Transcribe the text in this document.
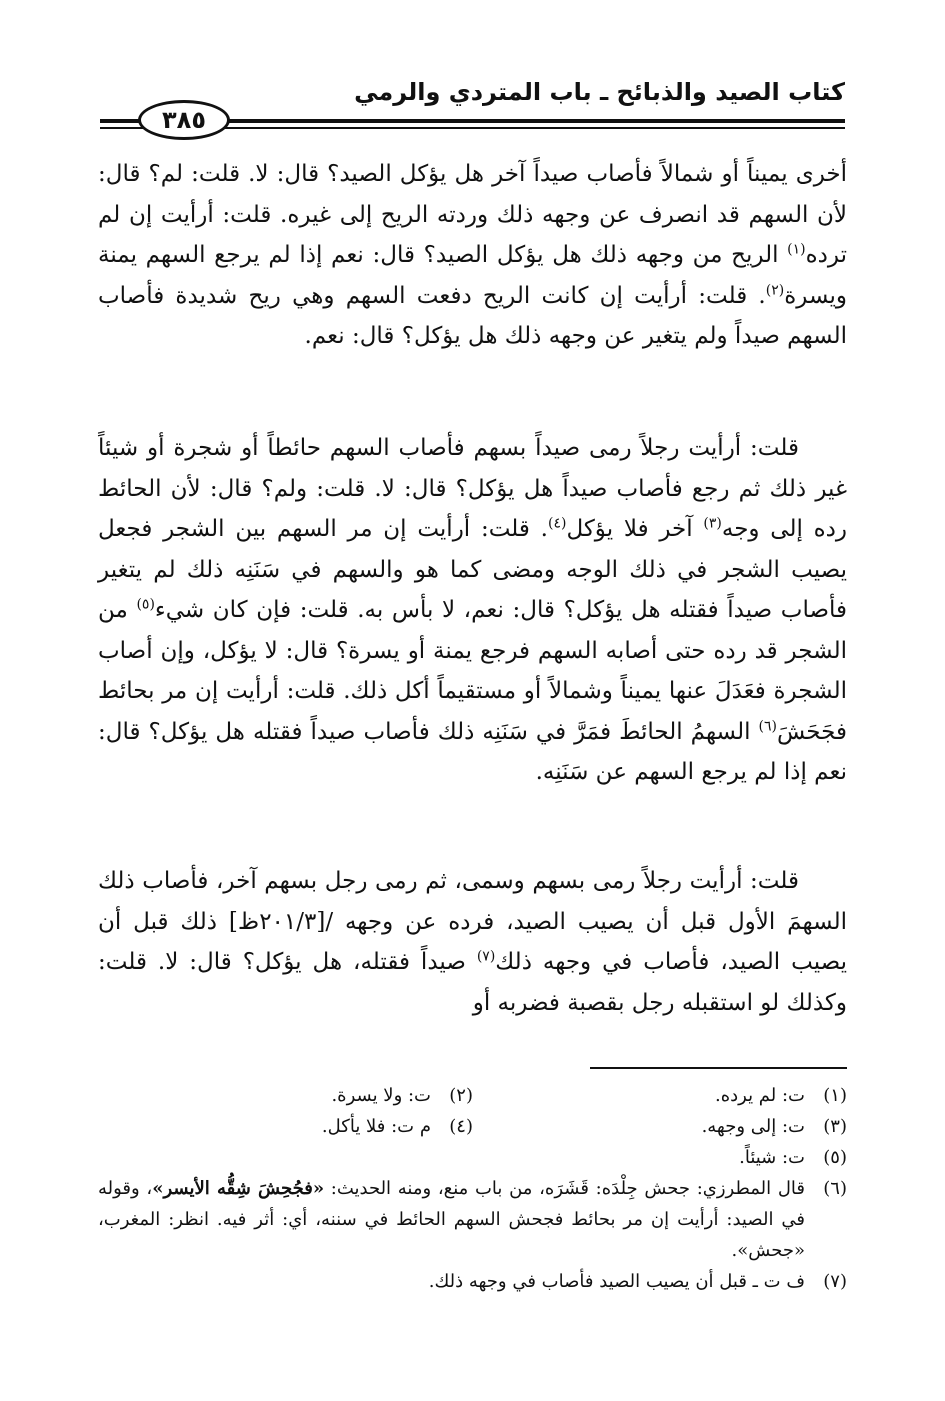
كتاب الصيد والذبائح ـ باب المتردي والرمي
٣٨٥

أخرى يميناً أو شمالاً فأصاب صيداً آخر هل يؤكل الصيد؟ قال: لا. قلت: لم؟ قال: لأن السهم قد انصرف عن وجهه ذلك وردته الريح إلى غيره. قلت: أرأيت إن لم ترده$^{(١)}$ الريح من وجهه ذلك هل يؤكل الصيد؟ قال: نعم إذا لم يرجع السهم يمنة ويسرة$^{(٢)}$. قلت: أرأيت إن كانت الريح دفعت السهم وهي ريح شديدة فأصاب السهم صيداً ولم يتغير عن وجهه ذلك هل يؤكل؟ قال: نعم.

قلت: أرأيت رجلاً رمى صيداً بسهم فأصاب السهم حائطاً أو شجرة أو شيئاً غير ذلك ثم رجع فأصاب صيداً هل يؤكل؟ قال: لا. قلت: ولم؟ قال: لأن الحائط رده إلى وجه$^{(٣)}$ آخر فلا يؤكل$^{(٤)}$. قلت: أرأيت إن مر السهم بين الشجر فجعل يصيب الشجر في ذلك الوجه ومضى كما هو والسهم في سَنَنِه ذلك لم يتغير فأصاب صيداً فقتله هل يؤكل؟ قال: نعم، لا بأس به. قلت: فإن كان شيء$^{(٥)}$ من الشجر قد رده حتى أصابه السهم فرجع يمنة أو يسرة؟ قال: لا يؤكل، وإن أصاب الشجرة فعَدَلَ عنها يميناً وشمالاً أو مستقيماً أكل ذلك. قلت: أرأيت إن مر بحائط فجَحَشَ$^{(٦)}$ السهمُ الحائطَ فمَرَّ في سَنَنِه ذلك فأصاب صيداً فقتله هل يؤكل؟ قال: نعم إذا لم يرجع السهم عن سَنَنِه.

قلت: أرأيت رجلاً رمى بسهم وسمى، ثم رمى رجل بسهم آخر، فأصاب ذلك السهمَ الأول قبل أن يصيب الصيد، فرده عن وجهه /[٢٠١/٣ظ] ذلك قبل أن يصيب الصيد، فأصاب في وجهه ذلك$^{(٧)}$ صيداً فقتله، هل يؤكل؟ قال: لا. قلت: وكذلك لو استقبله رجل بقصبة فضربه أو

(١)
ت: لم يرده.
(٢)
ت: ولا يسرة.
(٣)
ت: إلى وجهه.
(٤)
م ت: فلا يأكل.
(٥)
ت: شيئاً.
(٦)
قال المطرزي: جحش جِلْدَه: قَشَرَه، من باب منع، ومنه الحديث: «فجُحِشَ شِقُّه الأيسر»، وقوله في الصيد: أرأيت إن مر بحائط فجحش السهم الحائط في سننه، أي: أثر فيه. انظر: المغرب، «جحش».
(٧)
ف ت ـ قبل أن يصيب الصيد فأصاب في وجهه ذلك.
